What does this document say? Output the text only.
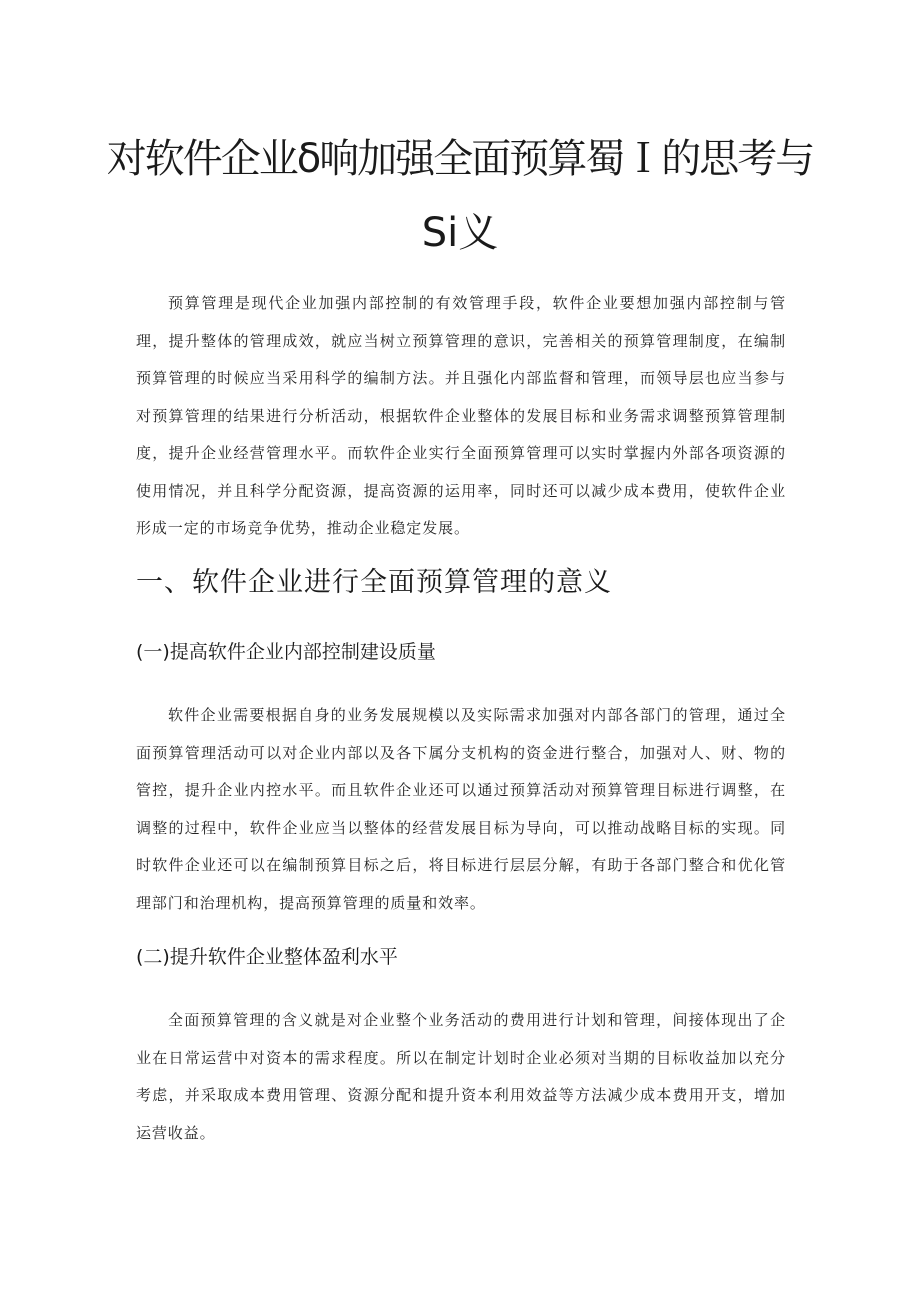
对软件企业δ响加强全面预算蜀Ｉ的思考与
Si义

预算管理是现代企业加强内部控制的有效管理手段，软件企业要想加强内部控制与管理，提升整体的管理成效，就应当树立预算管理的意识，完善相关的预算管理制度，在编制预算管理的时候应当采用科学的编制方法。并且强化内部监督和管理，而领导层也应当参与对预算管理的结果进行分析活动，根据软件企业整体的发展目标和业务需求调整预算管理制度，提升企业经营管理水平。而软件企业实行全面预算管理可以实时掌握内外部各项资源的使用情况，并且科学分配资源，提高资源的运用率，同时还可以减少成本费用，使软件企业形成一定的市场竞争优势，推动企业稳定发展。

一、软件企业进行全面预算管理的意义
(一)提高软件企业内部控制建设质量

软件企业需要根据自身的业务发展规模以及实际需求加强对内部各部门的管理，通过全面预算管理活动可以对企业内部以及各下属分支机构的资金进行整合，加强对人、财、物的管控，提升企业内控水平。而且软件企业还可以通过预算活动对预算管理目标进行调整，在调整的过程中，软件企业应当以整体的经营发展目标为导向，可以推动战略目标的实现。同时软件企业还可以在编制预算目标之后，将目标进行层层分解，有助于各部门整合和优化管理部门和治理机构，提高预算管理的质量和效率。

(二)提升软件企业整体盈利水平

全面预算管理的含义就是对企业整个业务活动的费用进行计划和管理，间接体现出了企业在日常运营中对资本的需求程度。所以在制定计划时企业必须对当期的目标收益加以充分考虑，并采取成本费用管理、资源分配和提升资本利用效益等方法减少成本费用开支，增加运营收益。
